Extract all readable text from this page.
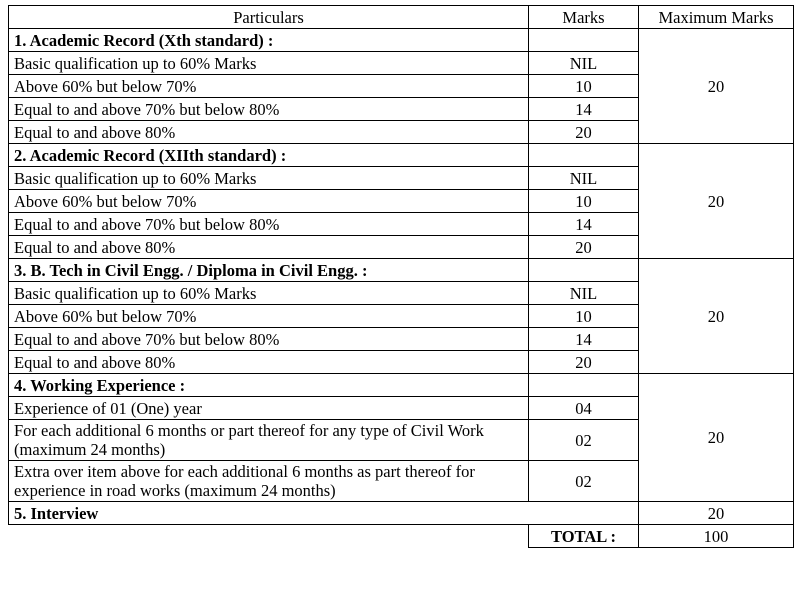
Particulars	Marks	Maximum Marks
1. Academic Record (Xth standard) :		20
Basic qualification up to 60% Marks	NIL	
Above 60% but below 70%	10	
Equal to and above 70% but below 80%	14	
Equal to and above 80%	20	
2. Academic Record (XIIth standard) :		20
Basic qualification up to 60% Marks	NIL	
Above 60% but below 70%	10	
Equal to and above 70% but below 80%	14	
Equal to and above 80%	20	
3. B. Tech in Civil Engg. / Diploma in Civil Engg. :		20
Basic qualification up to 60% Marks	NIL	
Above 60% but below 70%	10	
Equal to and above 70% but below 80%	14	
Equal to and above 80%	20	
4. Working Experience :		20
Experience of 01 (One) year	04	
For each additional 6 months or part thereof for any type of Civil Work (maximum 24 months)	02	
Extra over item above for each additional 6 months as part thereof for experience in road works (maximum 24 months)	02	
5. Interview		20
	TOTAL :	100
